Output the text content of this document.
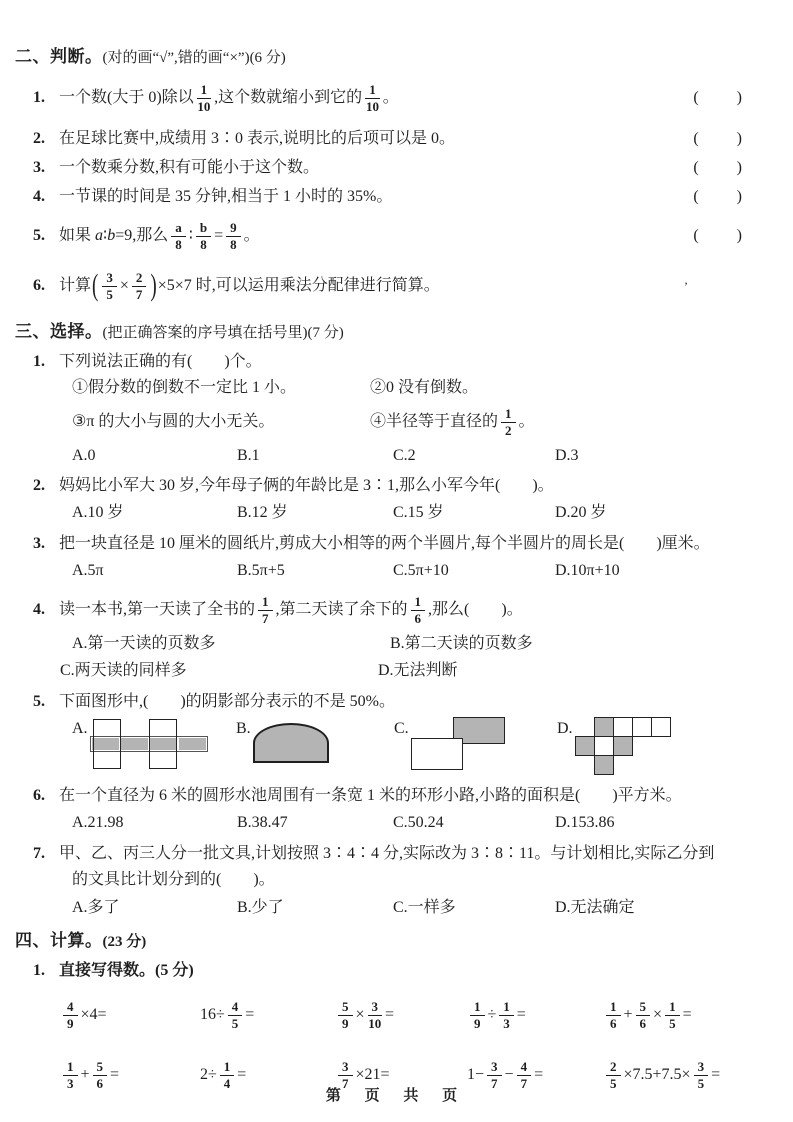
二、判断。(对的画“√”,错的画“×”)(6 分)
1. 一个数(大于 0)除以 $\frac{1}{10}$ ,这个数就缩小到它的 $\frac{1}{10}$ 。	(　　)
2. 在足球比赛中,成绩用 3∶0 表示,说明比的后项可以是 0。	(　　)
3. 一个数乘分数,积有可能小于这个数。	(　　)
4. 一节课的时间是 35 分钟,相当于 1 小时的 35%。	(　　)
5. 如果 a∶b=9,那么 $\frac{a}{8}$ ∶ $\frac{b}{8} = \frac{9}{8}$ 。	(　　)
6. 计算( $\frac{3}{5} \times \frac{2}{7} )\times 5\times 7$ 时,可以运用乘法分配律进行简算。	’
三、选择。(把正确答案的序号填在括号里)(7 分)
1. 下列说法正确的有(　　)个。
①假分数的倒数不一定比 1 小。	②0 没有倒数。
③π 的大小与圆的大小无关。	④半径等于直径的 $\frac{1}{2}$ 。
A.0	B.1	C.2	D.3
2. 妈妈比小军大 30 岁,今年母子俩的年龄比是 3∶1,那么小军今年(　　)。
A.10 岁	B.12 岁	C.15 岁	D.20 岁
3. 把一块直径是 10 厘米的圆纸片,剪成大小相等的两个半圆片,每个半圆片的周长是(　　)厘米。
A.5π	B.5π+5	C.5π+10	D.10π+10
4. 读一本书,第一天读了全书的 $\frac{1}{7}$ ,第二天读了余下的 $\frac{1}{6}$ ,那么(　　)。
A.第一天读的页数多	B.第二天读的页数多
C.两天读的同样多	D.无法判断
5. 下面图形中,(　　)的阴影部分表示的不是 50%。
A.	B.	C.	D.
6. 在一个直径为 6 米的圆形水池周围有一条宽 1 米的环形小路,小路的面积是(　　)平方米。
A.21.98	B.38.47	C.50.24	D.153.86
7. 甲、乙、丙三人分一批文具,计划按照 3∶4∶4 分,实际改为 3∶8∶11。与计划相比,实际乙分到
的文具比计划分到的(　　)。
A.多了	B.少了	C.一样多	D.无法确定
四、计算。(23 分)
1. 直接写得数。(5 分)
$\frac{4}{9} \times 4=$	$16\div \frac{4}{5}$ =	$\frac{5}{9} \times \frac{3}{10}$ =	$\frac{1}{9} \div \frac{1}{3}$ =	$\frac{1}{6} + \frac{5}{6} \times \frac{1}{5}$ =
$\frac{1}{3} + \frac{5}{6}$ =	$2\div \frac{1}{4}$ =	$\frac{3}{7} \times 21=$	$1- \frac{3}{7} - \frac{4}{7}$ =	$\frac{2}{5} \times 7.5+7.5\times \frac{3}{5}$ =
第 页 共 页
